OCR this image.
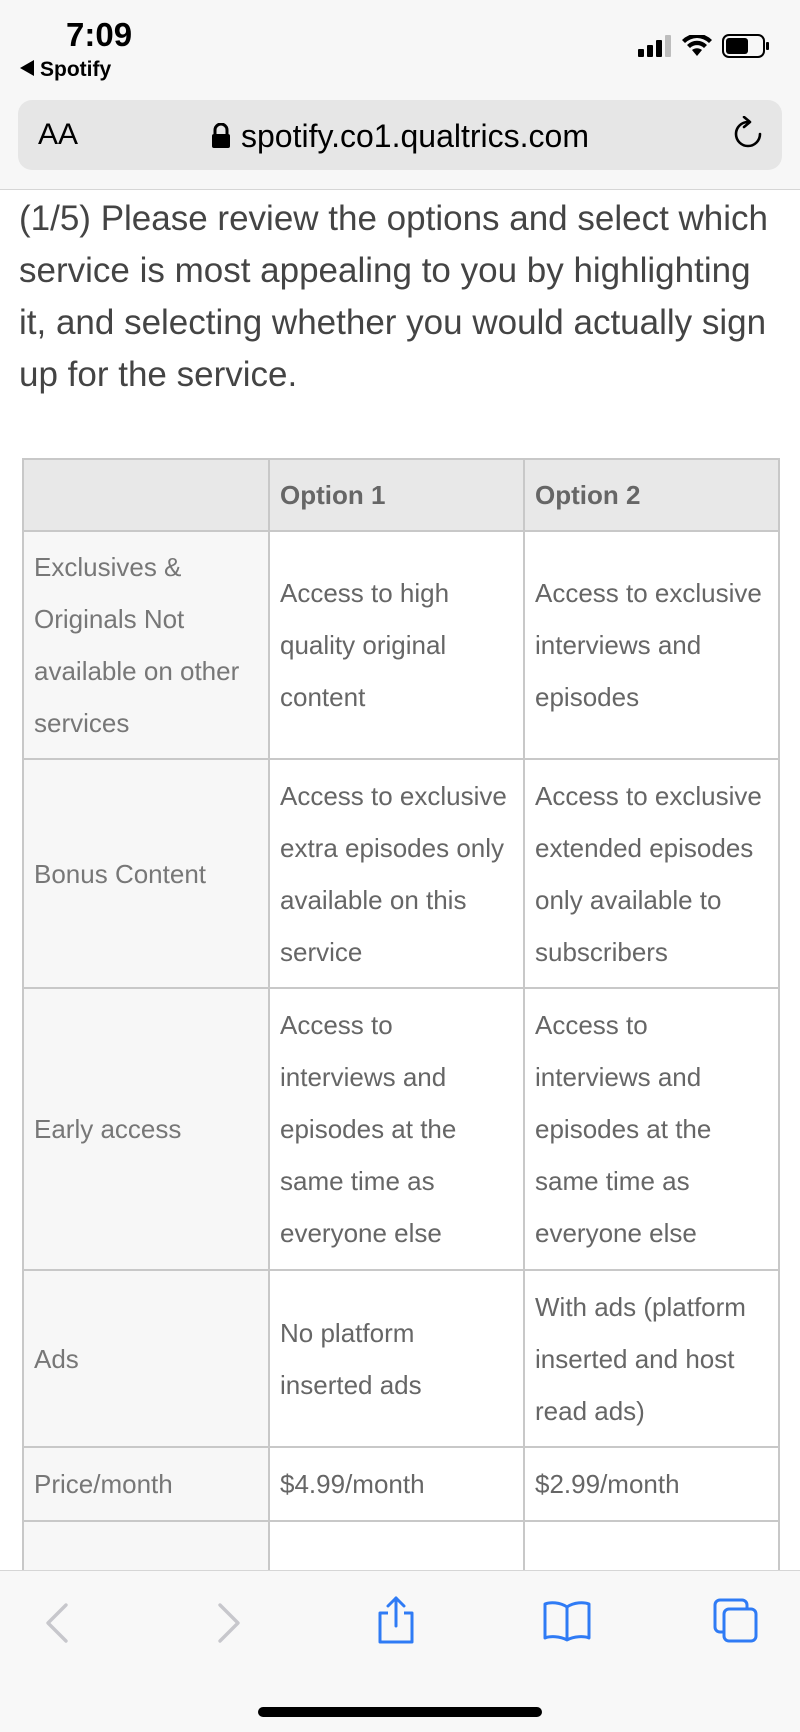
7:09
Spotify
AA	spotify.co1.qualtrics.com
(1/5) Please review the options and select which service is most appealing to you by highlighting it, and selecting whether you would actually sign up for the service.
	Option 1	Option 2
Exclusives & Originals Not available on other services	Access to high quality original content	Access to exclusive interviews and episodes
Bonus Content	Access to exclusive extra episodes only available on this service	Access to exclusive extended episodes only available to subscribers
Early access	Access to interviews and episodes at the same time as everyone else	Access to interviews and episodes at the same time as everyone else
Ads	No platform inserted ads	With ads (platform inserted and host read ads)
Price/month	$4.99/month	$2.99/month
